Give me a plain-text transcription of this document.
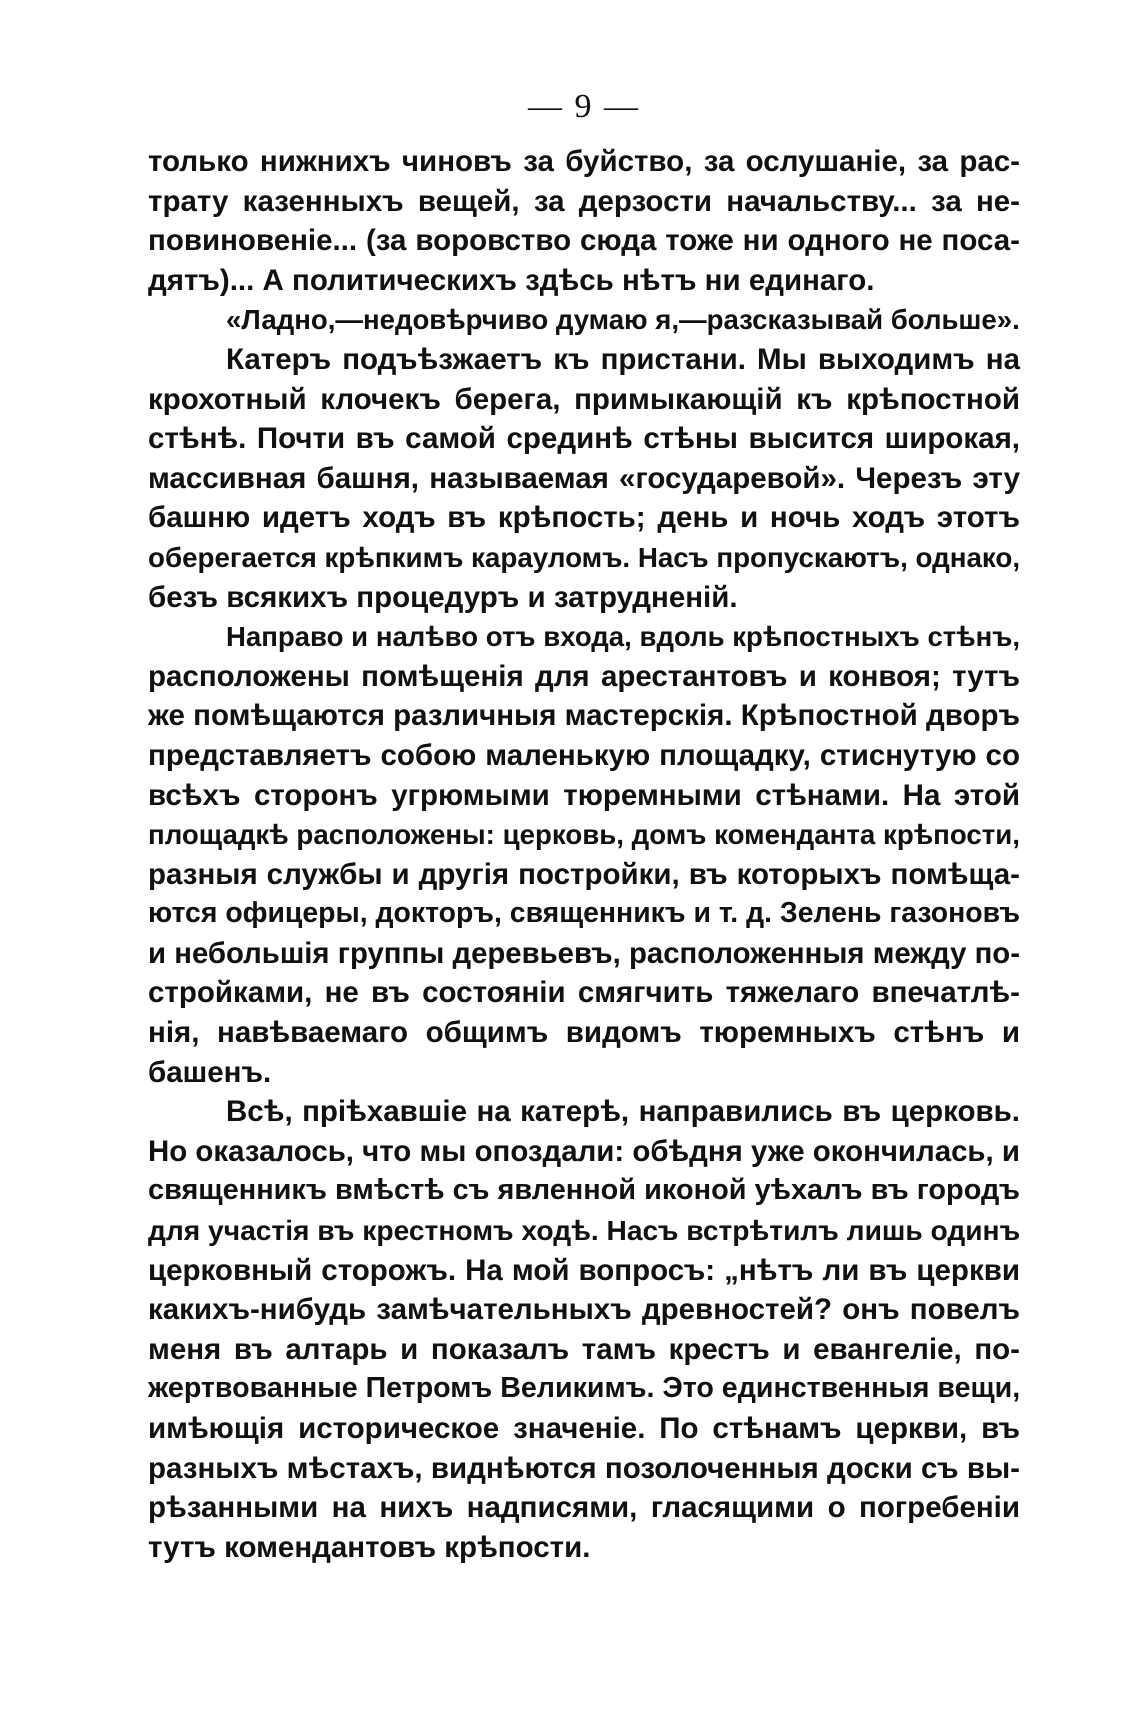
— 9 —
только нижнихъ чиновъ за буйство, за ослушаніе, за рас-
трату казенныхъ вещей, за дерзости начальству... за не-
повиновеніе... (за воровство сюда тоже ни одного не поса-
дятъ)... А политическихъ здѣсь нѣтъ ни единаго.
«Ладно,—недовѣрчиво думаю я,—разсказывай больше».
Катеръ подъѣзжаетъ къ пристани. Мы выходимъ на
крохотный клочекъ берега, примыкающій къ крѣпостной
стѣнѣ. Почти въ самой срединѣ стѣны высится широкая,
массивная башня, называемая «государевой». Черезъ эту
башню идетъ ходъ въ крѣпость; день и ночь ходъ этотъ
оберегается крѣпкимъ карауломъ. Насъ пропускаютъ, однако,
безъ всякихъ процедуръ и затрудненій.
Направо и налѣво отъ входа, вдоль крѣпостныхъ стѣнъ,
расположены помѣщенія для арестантовъ и конвоя; тутъ
же помѣщаются различныя мастерскія. Крѣпостной дворъ
представляетъ собою маленькую площадку, стиснутую со
всѣхъ сторонъ угрюмыми тюремными стѣнами. На этой
площадкѣ расположены: церковь, домъ коменданта крѣпости,
разныя службы и другія постройки, въ которыхъ помѣща-
ются офицеры, докторъ, священникъ и т. д. Зелень газоновъ
и небольшія группы деревьевъ, расположенныя между по-
стройками, не въ состояніи смягчить тяжелаго впечатлѣ-
нія, навѣваемаго общимъ видомъ тюремныхъ стѣнъ и
башенъ.
Всѣ, пріѣхавшіе на катерѣ, направились въ церковь.
Но оказалось, что мы опоздали: обѣдня уже окончилась, и
священникъ вмѣстѣ съ явленной иконой уѣхалъ въ городъ
для участія въ крестномъ ходѣ. Насъ встрѣтилъ лишь одинъ
церковный сторожъ. На мой вопросъ: „нѣтъ ли въ церкви
какихъ-нибудь замѣчательныхъ древностей? онъ повелъ
меня въ алтарь и показалъ тамъ крестъ и евангеліе, по-
жертвованные Петромъ Великимъ. Это единственныя вещи,
имѣющія историческое значеніе. По стѣнамъ церкви, въ
разныхъ мѣстахъ, виднѣются позолоченныя доски съ вы-
рѣзанными на нихъ надписями, гласящими о погребеніи
тутъ комендантовъ крѣпости.
